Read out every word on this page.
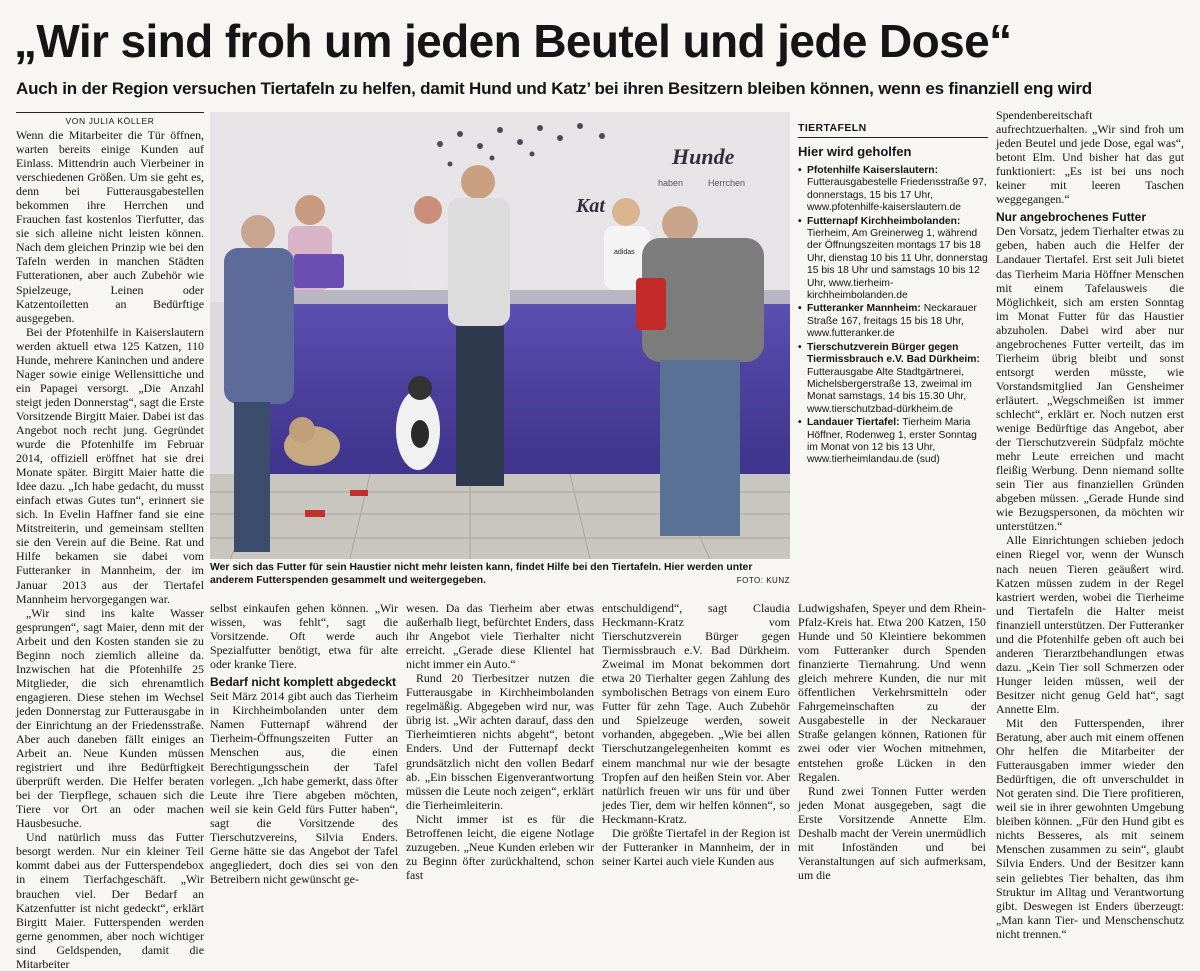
„Wir sind froh um jeden Beutel und jede Dose“
Auch in der Region versuchen Tiertafeln zu helfen, damit Hund und Katz’ bei ihren Besitzern bleiben können, wenn es finanziell eng wird
VON JULIA KÖLLER

Wenn die Mitarbeiter die Tür öffnen, warten bereits einige Kunden auf Einlass. Mittendrin auch Vierbeiner in verschiedenen Größen. Um sie geht es, denn bei Futterausgabestellen bekommen ihre Herrchen und Frauchen fast kostenlos Tierfutter, das sie sich alleine nicht leisten können. Nach dem gleichen Prinzip wie bei den Tafeln werden in manchen Städten Futterationen, aber auch Zubehör wie Spielzeuge, Leinen oder Katzentoiletten an Bedürftige ausgegeben.

Bei der Pfotenhilfe in Kaiserslautern werden aktuell etwa 125 Katzen, 110 Hunde, mehrere Kaninchen und andere Nager sowie einige Wellensittiche und ein Papagei versorgt. „Die Anzahl steigt jeden Donnerstag“, sagt die Erste Vorsitzende Birgitt Maier. Dabei ist das Angebot noch recht jung. Gegründet wurde die Pfotenhilfe im Februar 2014, offiziell eröffnet hat sie drei Monate später. Birgitt Maier hatte die Idee dazu. „Ich habe gedacht, du musst einfach etwas Gutes tun“, erinnert sie sich. In Evelin Haffner fand sie eine Mitstreiterin, und gemeinsam stellten sie den Verein auf die Beine. Rat und Hilfe bekamen sie dabei vom Futteranker in Mannheim, der im Januar 2013 aus der Tiertafel Mannheim hervorgegangen war.

„Wir sind ins kalte Wasser gesprungen“, sagt Maier, denn mit der Arbeit und den Kosten standen sie zu Beginn noch ziemlich alleine da. Inzwischen hat die Pfotenhilfe 25 Mitglieder, die sich ehrenamtlich engagieren. Diese stehen im Wechsel jeden Donnerstag zur Futterausgabe in der Einrichtung an der Friedensstraße. Aber auch daneben fällt einiges an Arbeit an. Neue Kunden müssen registriert und ihre Bedürftigkeit überprüft werden. Die Helfer beraten bei der Tierpflege, schauen sich die Tiere vor Ort an oder machen Hausbesuche.

Und natürlich muss das Futter besorgt werden. Nur ein kleiner Teil kommt dabei aus der Futterspendebox in einem Tierfachgeschäft. „Wir brauchen viel. Der Bedarf an Katzenfutter ist nicht gedeckt“, erklärt Birgitt Maier. Futterspenden werden gerne genommen, aber noch wichtiger sind Geldspenden, damit die Mitarbeiter

Hunde
haben	Herrchen
Kat
adidas
Wer sich das Futter für sein Haustier nicht mehr leisten kann, findet Hilfe bei den Tiertafeln. Hier werden unter anderem Futterspenden gesammelt und weitergegeben.	FOTO: KUNZ
TIERTAFELN
Hier wird geholfen
• Pfotenhilfe Kaiserslautern: Futterausgabestelle Friedensstraße 97, donnerstags, 15 bis 17 Uhr, www.pfotenhilfe-kaiserslautern.de
• Futternapf Kirchheimbolanden: Tierheim, Am Greinerweg 1, während der Öffnungszeiten montags 17 bis 18 Uhr, dienstag 10 bis 11 Uhr, donnerstag 15 bis 18 Uhr und samstags 10 bis 12 Uhr, www.tierheim-kirchheimbolanden.de
• Futteranker Mannheim: Neckarauer Straße 167, freitags 15 bis 18 Uhr, www.futteranker.de
• Tierschutzverein Bürger gegen Tiermissbrauch e.V. Bad Dürkheim: Futterausgabe Alte Stadtgärtnerei, Michelsbergerstraße 13, zweimal im Monat samstags, 14 bis 15.30 Uhr, www.tierschutzbad-dürkheim.de
• Landauer Tiertafel: Tierheim Maria Höffner, Rodenweg 1, erster Sonntag im Monat von 12 bis 13 Uhr, www.tierheimlandau.de (sud)

selbst einkaufen gehen können. „Wir wissen, was fehlt“, sagt die Vorsitzende. Oft werde auch Spezialfutter benötigt, etwa für alte oder kranke Tiere.

Bedarf nicht komplett abgedeckt

Seit März 2014 gibt auch das Tierheim in Kirchheimbolanden unter dem Namen Futternapf während der Tierheim-Öffnungszeiten Futter an Menschen aus, die einen Berechtigungsschein der Tafel vorlegen. „Ich habe gemerkt, dass öfter Leute ihre Tiere abgeben möchten, weil sie kein Geld fürs Futter haben“, sagt die Vorsitzende des Tierschutzvereins, Silvia Enders. Gerne hätte sie das Angebot der Tafel angegliedert, doch dies sei von den Betreibern nicht gewünscht ge-

wesen. Da das Tierheim aber etwas außerhalb liegt, befürchtet Enders, dass ihr Angebot viele Tierhalter nicht erreicht. „Gerade diese Klientel hat nicht immer ein Auto.“

Rund 20 Tierbesitzer nutzen die Futterausgabe in Kirchheimbolanden regelmäßig. Abgegeben wird nur, was übrig ist. „Wir achten darauf, dass den Tierheimtieren nichts abgeht“, betont Enders. Und der Futternapf deckt grundsätzlich nicht den vollen Bedarf ab. „Ein bisschen Eigenverantwortung müssen die Leute noch zeigen“, erklärt die Tierheimleiterin.

Nicht immer ist es für die Betroffenen leicht, die eigene Notlage zuzugeben. „Neue Kunden erleben wir zu Beginn öfter zurückhaltend, schon fast

entschuldigend“, sagt Claudia Heckmann-Kratz vom Tierschutzverein Bürger gegen Tiermissbrauch e.V. Bad Dürkheim. Zweimal im Monat bekommen dort etwa 20 Tierhalter gegen Zahlung des symbolischen Betrags von einem Euro Futter für zehn Tage. Auch Zubehör und Spielzeuge werden, soweit vorhanden, abgegeben. „Wie bei allen Tierschutzangelegenheiten kommt es einem manchmal nur wie der besagte Tropfen auf den heißen Stein vor. Aber natürlich freuen wir uns für und über jedes Tier, dem wir helfen können“, so Heckmann-Kratz.

Die größte Tiertafel in der Region ist der Futteranker in Mannheim, der in seiner Kartei auch viele Kunden aus

Ludwigshafen, Speyer und dem Rhein-Pfalz-Kreis hat. Etwa 200 Katzen, 150 Hunde und 50 Kleintiere bekommen vom Futteranker durch Spenden finanzierte Tiernahrung. Und wenn gleich mehrere Kunden, die nur mit öffentlichen Verkehrsmitteln oder Fahrgemeinschaften zu der Ausgabestelle in der Neckarauer Straße gelangen können, Rationen für zwei oder vier Wochen mitnehmen, entstehen große Lücken in den Regalen.

Rund zwei Tonnen Futter werden jeden Monat ausgegeben, sagt die Erste Vorsitzende Annette Elm. Deshalb macht der Verein unermüdlich mit Infoständen und bei Veranstaltungen auf sich aufmerksam, um die

Spendenbereitschaft aufrechtzuerhalten. „Wir sind froh um jeden Beutel und jede Dose, egal was“, betont Elm. Und bisher hat das gut funktioniert: „Es ist bei uns noch keiner mit leeren Taschen weggegangen.“

Nur angebrochenes Futter

Den Vorsatz, jedem Tierhalter etwas zu geben, haben auch die Helfer der Landauer Tiertafel. Erst seit Juli bietet das Tierheim Maria Höffner Menschen mit einem Tafelausweis die Möglichkeit, sich am ersten Sonntag im Monat Futter für das Haustier abzuholen. Dabei wird aber nur angebrochenes Futter verteilt, das im Tierheim übrig bleibt und sonst entsorgt werden müsste, wie Vorstandsmitglied Jan Gensheimer erläutert. „Wegschmeißen ist immer schlecht“, erklärt er. Noch nutzen erst wenige Bedürftige das Angebot, aber der Tierschutzverein Südpfalz möchte mehr Leute erreichen und macht fleißig Werbung. Denn niemand sollte sein Tier aus finanziellen Gründen abgeben müssen. „Gerade Hunde sind wie Bezugspersonen, da möchten wir unterstützen.“

Alle Einrichtungen schieben jedoch einen Riegel vor, wenn der Wunsch nach neuen Tieren geäußert wird. Katzen müssen zudem in der Regel kastriert werden, wobei die Tierheime und Tiertafeln die Halter meist finanziell unterstützen. Der Futteranker und die Pfotenhilfe geben oft auch bei anderen Tierarztbehandlungen etwas dazu. „Kein Tier soll Schmerzen oder Hunger leiden müssen, weil der Besitzer nicht genug Geld hat“, sagt Annette Elm.

Mit den Futterspenden, ihrer Beratung, aber auch mit einem offenen Ohr helfen die Mitarbeiter der Futterausgaben immer wieder den Bedürftigen, die oft unverschuldet in Not geraten sind. Die Tiere profitieren, weil sie in ihrer gewohnten Umgebung bleiben können. „Für den Hund gibt es nichts Besseres, als mit seinem Menschen zusammen zu sein“, glaubt Silvia Enders. Und der Besitzer kann sein geliebtes Tier behalten, das ihm Struktur im Alltag und Verantwortung gibt. Deswegen ist Enders überzeugt: „Man kann Tier- und Menschenschutz nicht trennen.“
